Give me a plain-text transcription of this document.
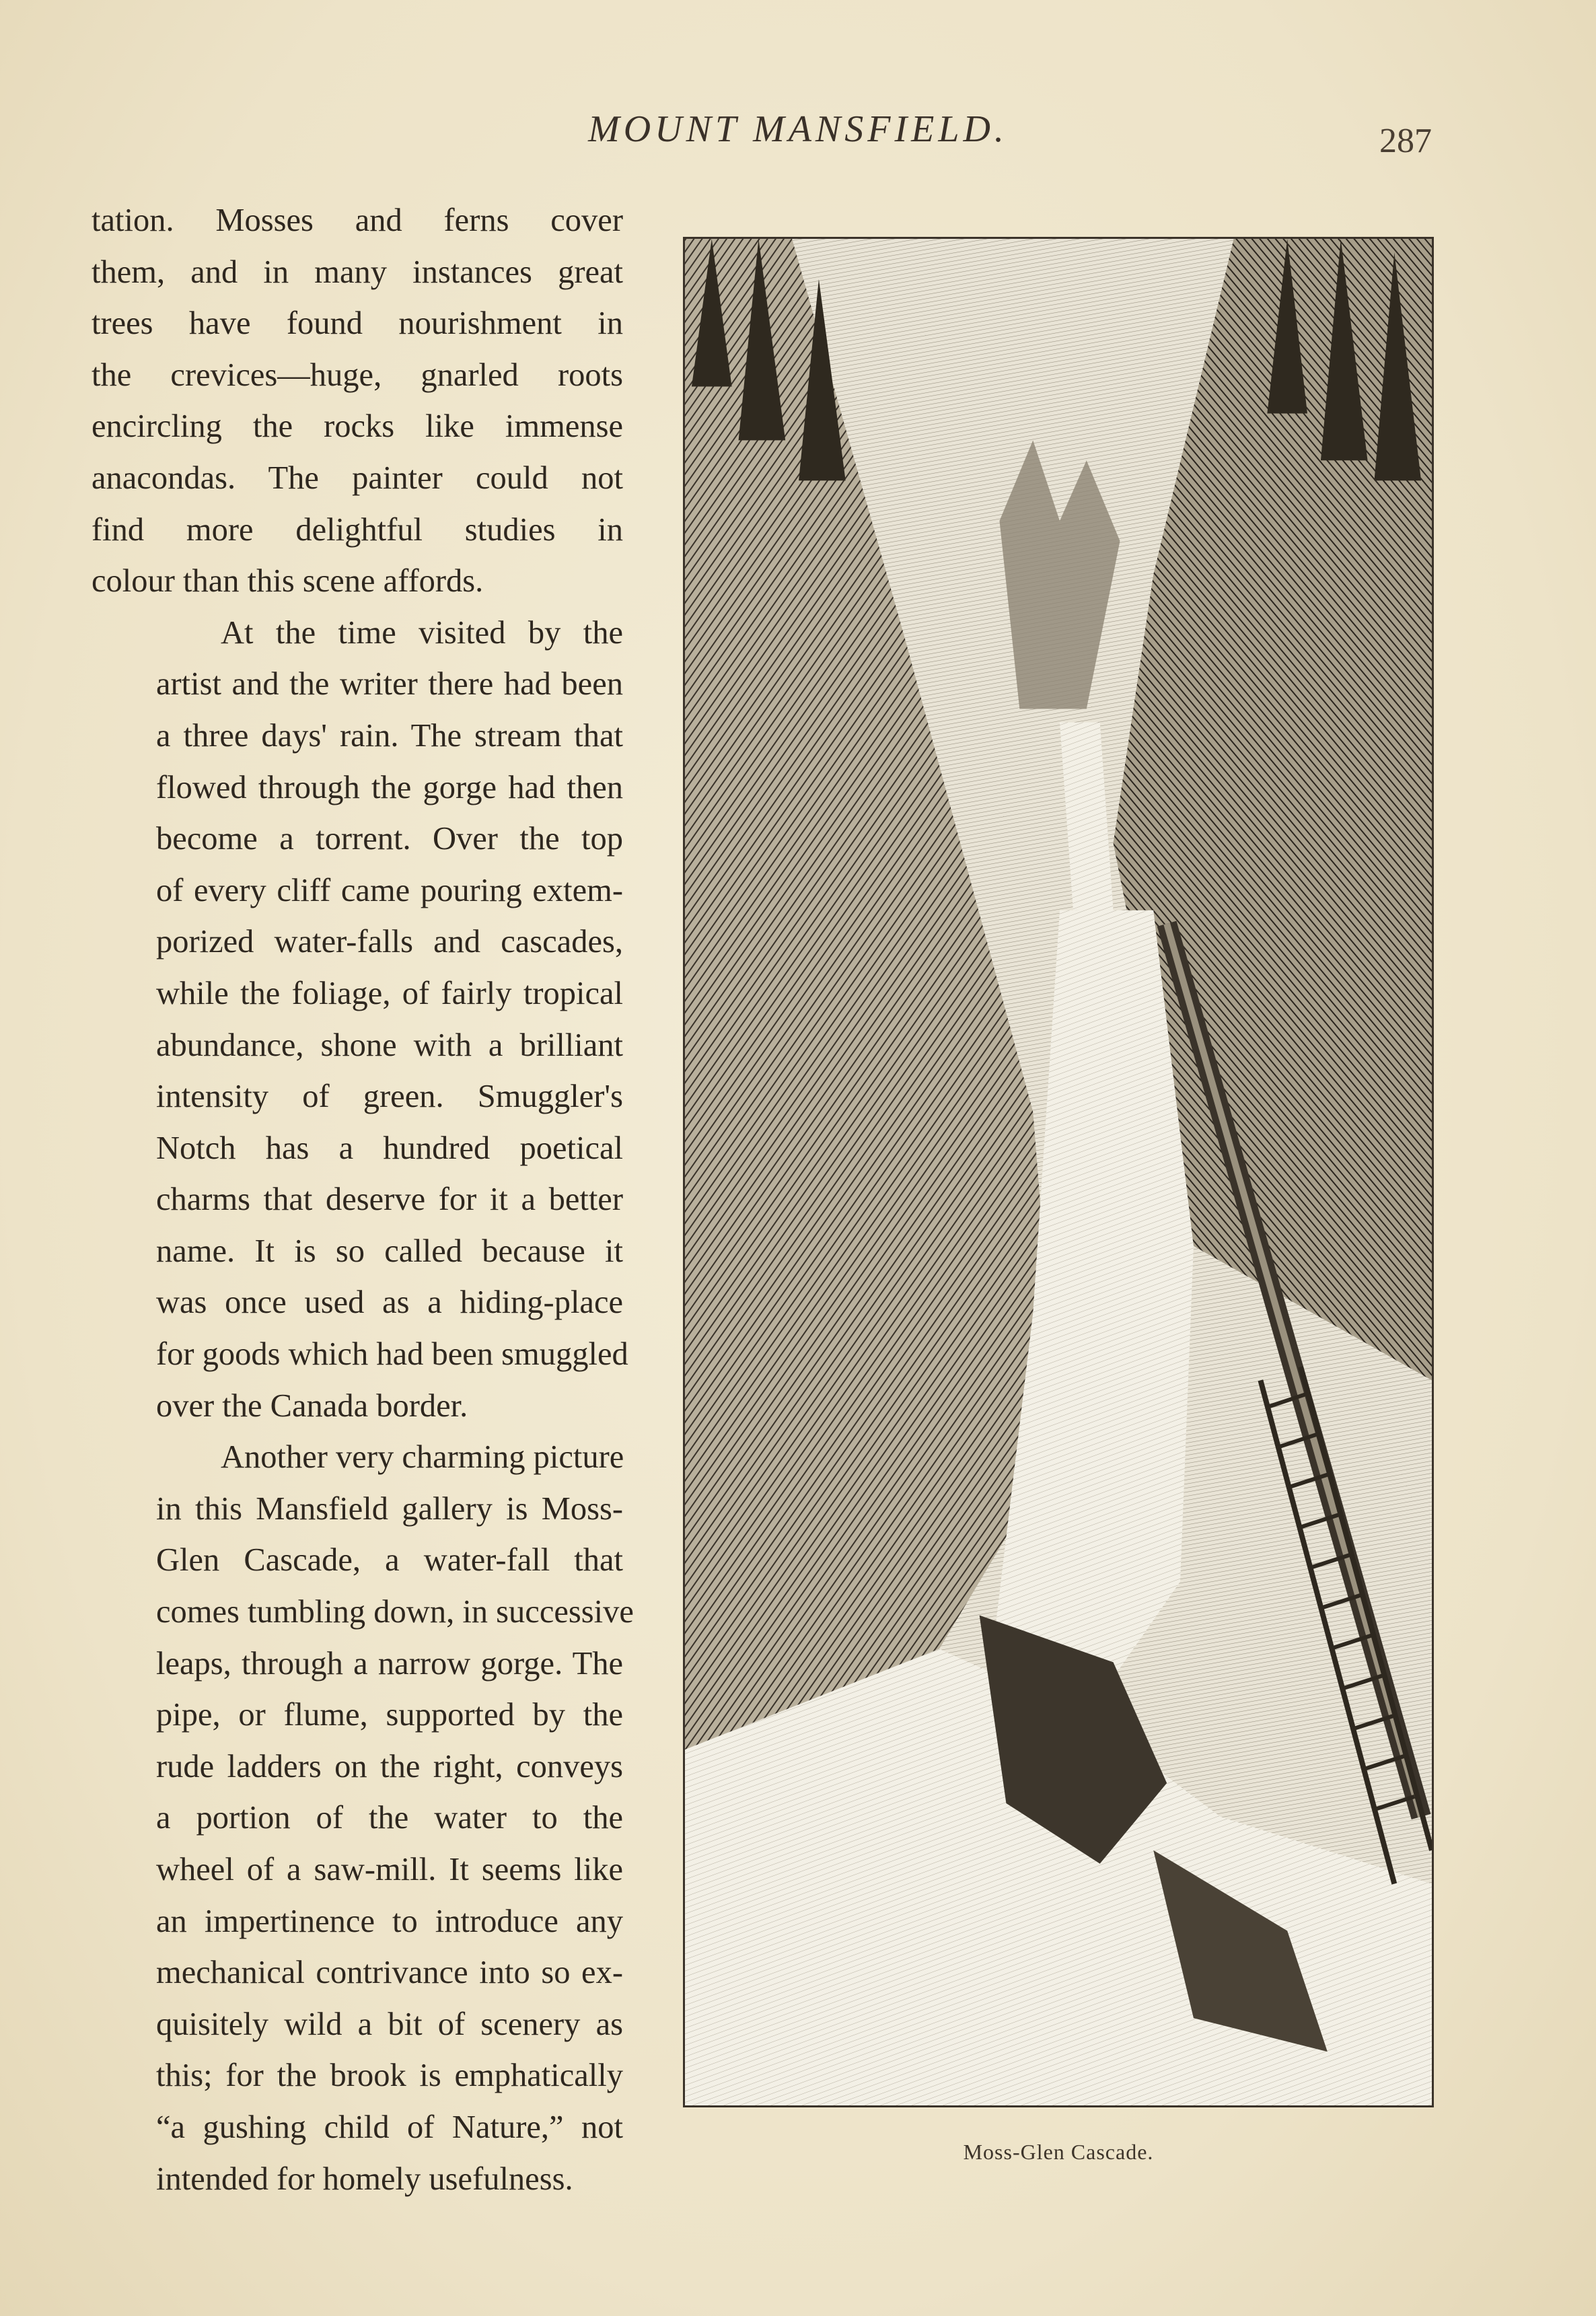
MOUNT MANSFIELD.	287

tation. Mosses and ferns cover
them, and in many instances great
trees have found nourishment in
the crevices—huge, gnarled roots
encircling the rocks like immense
anacondas. The painter could not
find more delightful studies in
colour than this scene affords.

At the time visited by the
artist and the writer there had been
a three days' rain. The stream that
flowed through the gorge had then
become a torrent. Over the top
of every cliff came pouring extem-
porized water-falls and cascades,
while the foliage, of fairly tropical
abundance, shone with a brilliant
intensity of green. Smuggler's
Notch has a hundred poetical
charms that deserve for it a better
name. It is so called because it
was once used as a hiding-place
for goods which had been smuggled
over the Canada border.

Another very charming picture
in this Mansfield gallery is Moss-
Glen Cascade, a water-fall that
comes tumbling down, in successive
leaps, through a narrow gorge. The
pipe, or flume, supported by the
rude ladders on the right, conveys
a portion of the water to the
wheel of a saw-mill. It seems like
an impertinence to introduce any
mechanical contrivance into so ex-
quisitely wild a bit of scenery as
this; for the brook is emphatically
“a gushing child of Nature,” not
intended for homely usefulness.

Moss-Glen Cascade.
